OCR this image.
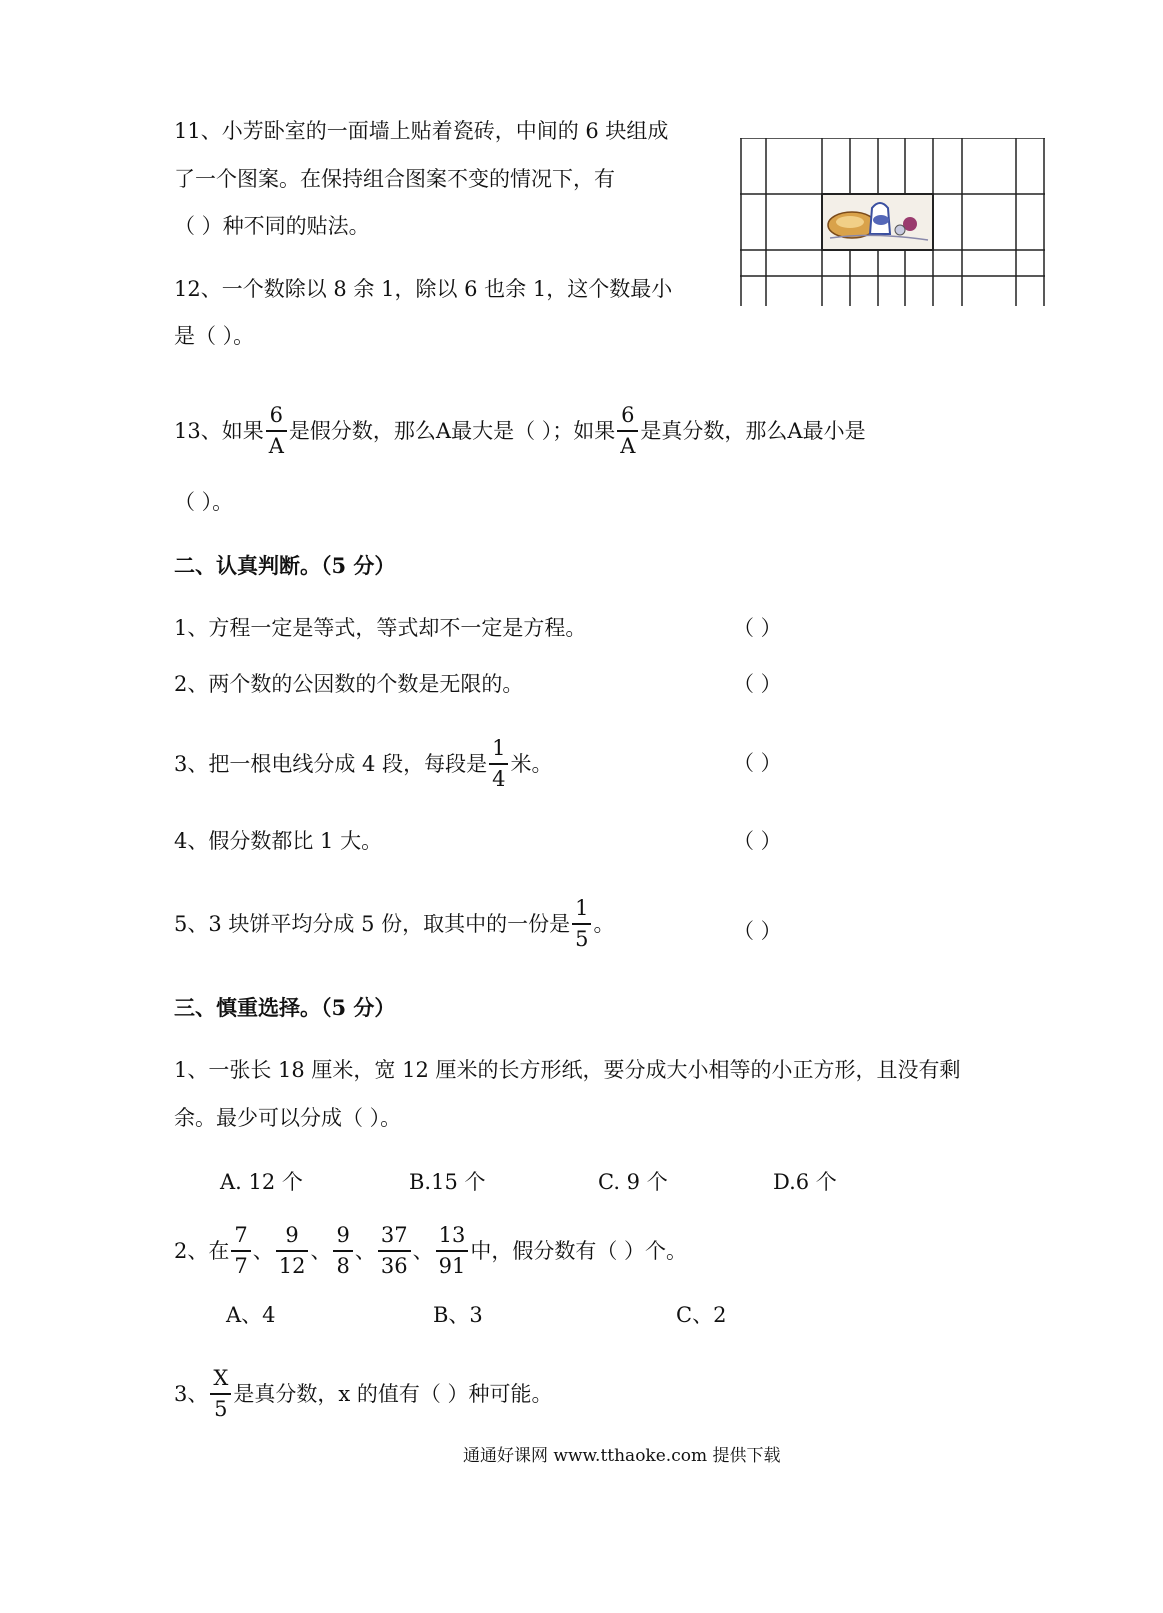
11、小芳卧室的一面墙上贴着瓷砖，中间的 6 块组成
了一个图案。在保持组合图案不变的情况下，有
（ ）种不同的贴法。
12、一个数除以 8 余 1，除以 6 也余 1，这个数最小
是（ ）。
13、如果 $\frac{6}{A}$ 是假分数，那么A最大是（ ）；如果 $\frac{6}{A}$ 是真分数，那么A最小是
（ ）。
二、认真判断。（5 分）
1、方程一定是等式，等式却不一定是方程。	（ ）
2、两个数的公因数的个数是无限的。	（ ）
3、把一根电线分成 4 段，每段是 $\frac{1}{4}$ 米。	（ ）
4、假分数都比 1 大。	（ ）
5、3 块饼平均分成 5 份，取其中的一份是 $\frac{1}{5}$ 。	（ ）
三、慎重选择。（5 分）
1、一张长 18 厘米，宽 12 厘米的长方形纸，要分成大小相等的小正方形，且没有剩
余。最少可以分成（ ）。
A. 12 个	B.15 个	C. 9 个	D.6 个
2、在 $\frac{7}{7}$ 、 $\frac{9}{12}$ 、 $\frac{9}{8}$ 、 $\frac{37}{36}$ 、 $\frac{13}{91}$ 中，假分数有（ ）个。
A、4	B、3	C、2
3、 $\frac{X}{5}$ 是真分数，x 的值有（ ）种可能。
通通好课网 www.tthaoke.com 提供下载
